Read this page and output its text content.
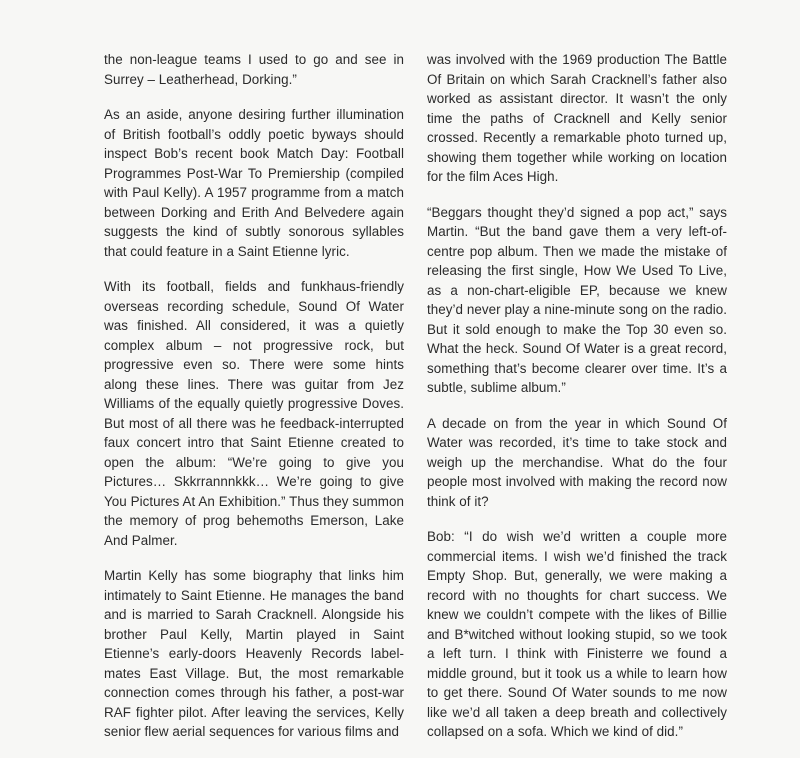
the non-league teams I used to go and see in Surrey – Leatherhead, Dorking.”

As an aside, anyone desiring further illumination of British football’s oddly poetic byways should inspect Bob’s recent book Match Day: Football Programmes Post-War To Premiership (compiled with Paul Kelly). A 1957 programme from a match between Dorking and Erith And Belvedere again suggests the kind of subtly sonorous syllables that could feature in a Saint Etienne lyric.

With its football, fields and funkhaus-friendly overseas recording schedule, Sound Of Water was finished. All considered, it was a quietly complex album – not progressive rock, but progressive even so. There were some hints along these lines. There was guitar from Jez Williams of the equally quietly progressive Doves. But most of all there was he feedback-interrupted faux concert intro that Saint Etienne created to open the album: “We’re going to give you Pictures… Skkrrannnkkk… We’re going to give You Pictures At An Exhibition.” Thus they summon the memory of prog behemoths Emerson, Lake And Palmer.

Martin Kelly has some biography that links him intimately to Saint Etienne. He manages the band and is married to Sarah Cracknell. Alongside his brother Paul Kelly, Martin played in Saint Etienne’s early-doors Heavenly Records label-mates East Village. But, the most remarkable connection comes through his father, a post-war RAF fighter pilot. After leaving the services, Kelly senior flew aerial sequences for various films and

was involved with the 1969 production The Battle Of Britain on which Sarah Cracknell’s father also worked as assistant director. It wasn’t the only time the paths of Cracknell and Kelly senior crossed. Recently a remarkable photo turned up, showing them together while working on location for the film Aces High.

“Beggars thought they’d signed a pop act,” says Martin. “But the band gave them a very left-of-centre pop album. Then we made the mistake of releasing the first single, How We Used To Live, as a non-chart-eligible EP, because we knew they’d never play a nine-minute song on the radio. But it sold enough to make the Top 30 even so. What the heck. Sound Of Water is a great record, something that’s become clearer over time. It’s a subtle, sublime album.”

A decade on from the year in which Sound Of Water was recorded, it’s time to take stock and weigh up the merchandise. What do the four people most involved with making the record now think of it?

Bob: “I do wish we’d written a couple more commercial items. I wish we’d finished the track Empty Shop. But, generally, we were making a record with no thoughts for chart success. We knew we couldn’t compete with the likes of Billie and B*witched without looking stupid, so we took a left turn. I think with Finisterre we found a middle ground, but it took us a while to learn how to get there. Sound Of Water sounds to me now like we’d all taken a deep breath and collectively collapsed on a sofa. Which we kind of did.”
